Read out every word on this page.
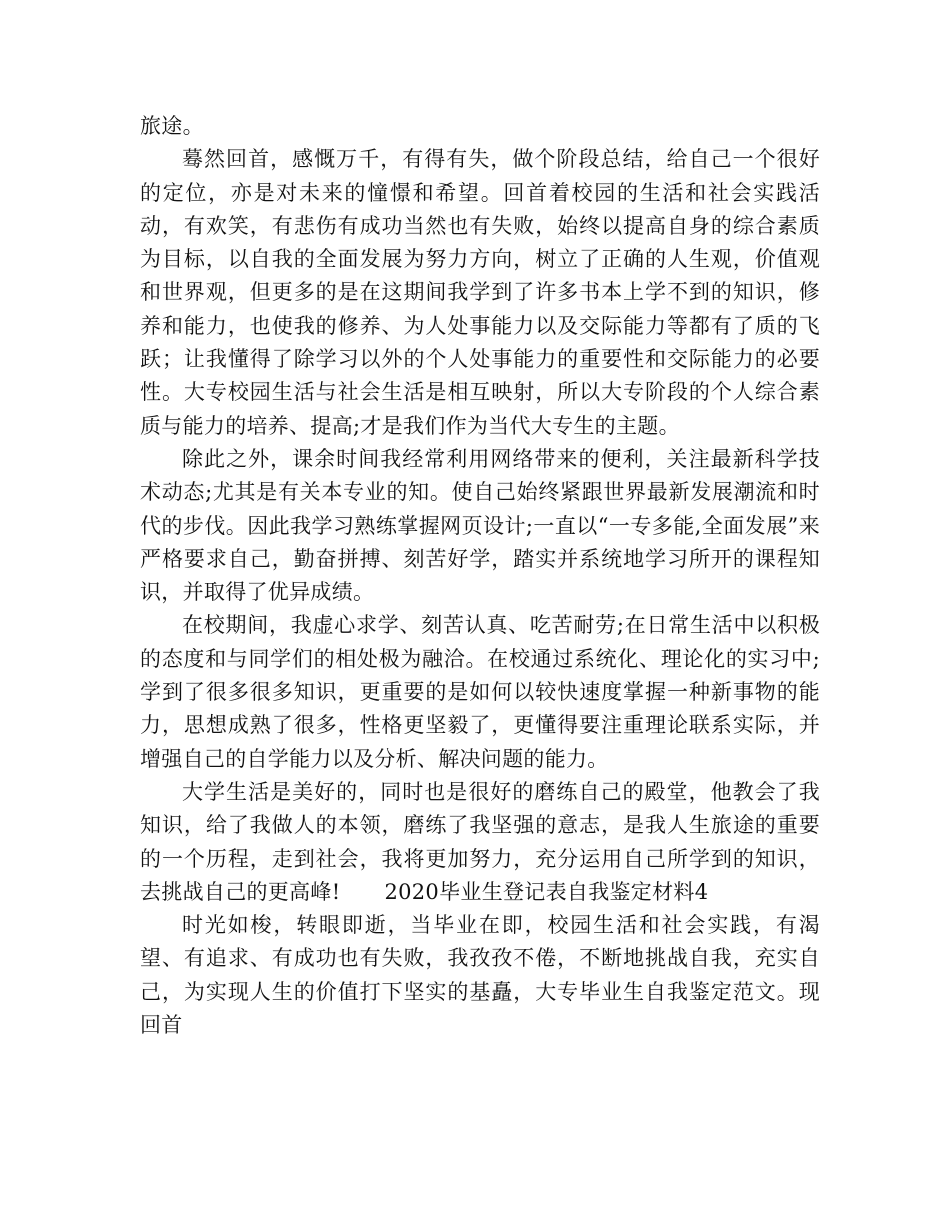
旅途。

蓦然回首，感慨万千，有得有失，做个阶段总结，给自己一个很好的定位，亦是对未来的憧憬和希望。回首着校园的生活和社会实践活动，有欢笑，有悲伤有成功当然也有失败，始终以提高自身的综合素质为目标，以自我的全面发展为努力方向，树立了正确的人生观，价值观和世界观，但更多的是在这期间我学到了许多书本上学不到的知识，修养和能力，也使我的修养、为人处事能力以及交际能力等都有了质的飞跃；让我懂得了除学习以外的个人处事能力的重要性和交际能力的必要性。大专校园生活与社会生活是相互映射，所以大专阶段的个人综合素质与能力的培养、提高;才是我们作为当代大专生的主题。

除此之外，课余时间我经常利用网络带来的便利，关注最新科学技术动态;尤其是有关本专业的知。使自己始终紧跟世界最新发展潮流和时代的步伐。因此我学习熟练掌握网页设计;一直以“一专多能,全面发展”来严格要求自己，勤奋拼搏、刻苦好学，踏实并系统地学习所开的课程知识，并取得了优异成绩。

在校期间，我虚心求学、刻苦认真、吃苦耐劳;在日常生活中以积极的态度和与同学们的相处极为融洽。在校通过系统化、理论化的实习中;学到了很多很多知识，更重要的是如何以较快速度掌握一种新事物的能力，思想成熟了很多，性格更坚毅了，更懂得要注重理论联系实际，并增强自己的自学能力以及分析、解决问题的能力。

大学生活是美好的，同时也是很好的磨练自己的殿堂，他教会了我知识，给了我做人的本领，磨练了我坚强的意志，是我人生旅途的重要的一个历程，走到社会，我将更加努力，充分运用自己所学到的知识，去挑战自己的更高峰! 2020毕业生登记表自我鉴定材料4

时光如梭，转眼即逝，当毕业在即，校园生活和社会实践，有渴望、有追求、有成功也有失败，我孜孜不倦，不断地挑战自我，充实自己，为实现人生的价值打下坚实的基矗，大专毕业生自我鉴定范文。现回首
